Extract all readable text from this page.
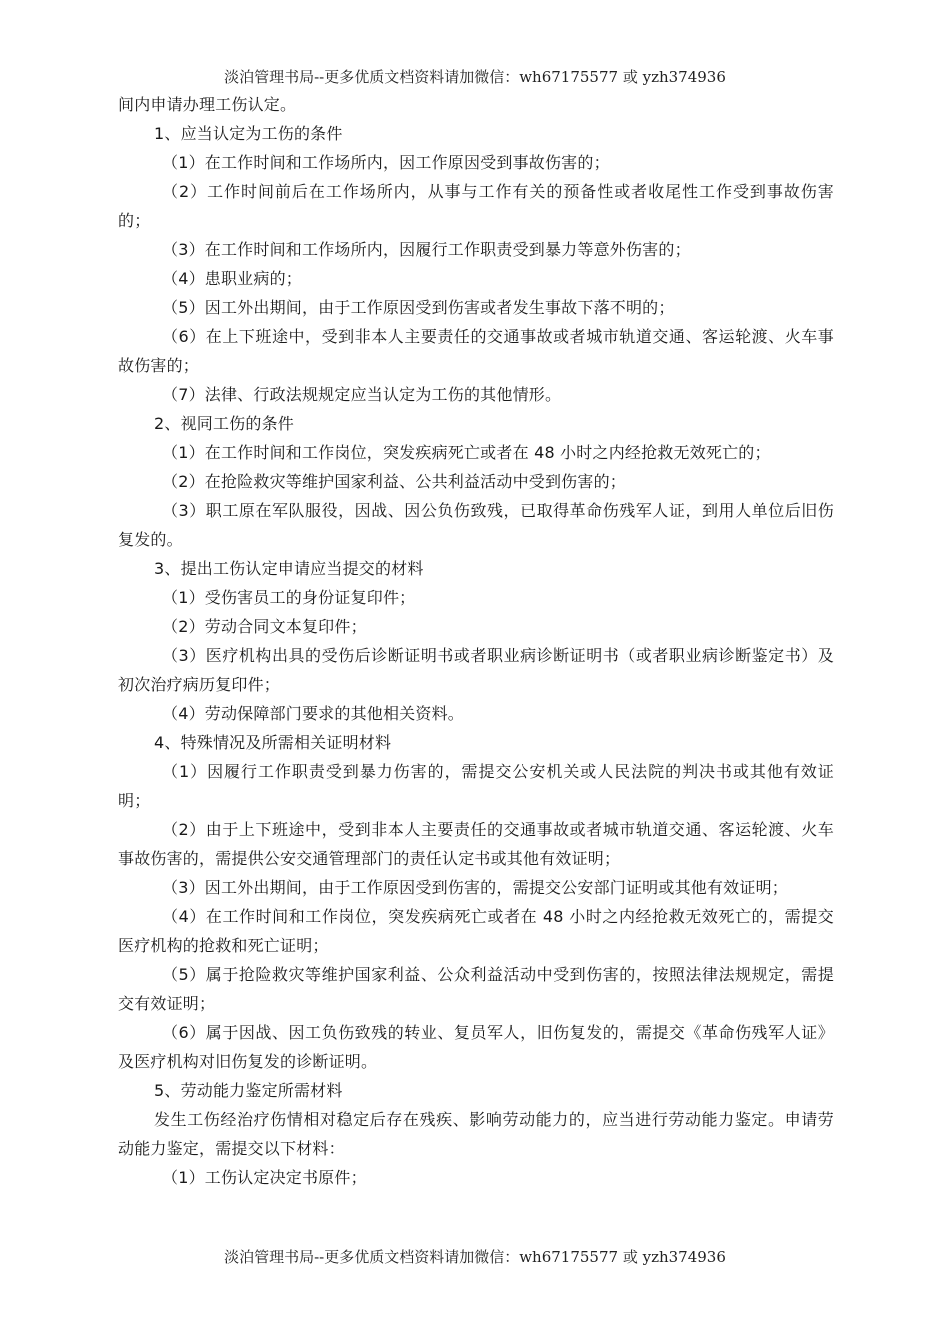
淡泊管理书局--更多优质文档资料请加微信：wh67175577 或 yzh374936

间内申请办理工伤认定。

1、应当认定为工伤的条件

（1）在工作时间和工作场所内，因工作原因受到事故伤害的；

（2）工作时间前后在工作场所内，从事与工作有关的预备性或者收尾性工作受到事故伤害的；

（3）在工作时间和工作场所内，因履行工作职责受到暴力等意外伤害的；

（4）患职业病的；

（5）因工外出期间，由于工作原因受到伤害或者发生事故下落不明的；

（6）在上下班途中，受到非本人主要责任的交通事故或者城市轨道交通、客运轮渡、火车事故伤害的；

（7）法律、行政法规规定应当认定为工伤的其他情形。

2、视同工伤的条件

（1）在工作时间和工作岗位，突发疾病死亡或者在 48 小时之内经抢救无效死亡的；

（2）在抢险救灾等维护国家利益、公共利益活动中受到伤害的；

（3）职工原在军队服役，因战、因公负伤致残，已取得革命伤残军人证，到用人单位后旧伤复发的。

3、提出工伤认定申请应当提交的材料

（1）受伤害员工的身份证复印件；

（2）劳动合同文本复印件；

（3）医疗机构出具的受伤后诊断证明书或者职业病诊断证明书（或者职业病诊断鉴定书）及初次治疗病历复印件；

（4）劳动保障部门要求的其他相关资料。

4、特殊情况及所需相关证明材料

（1）因履行工作职责受到暴力伤害的，需提交公安机关或人民法院的判决书或其他有效证明；

（2）由于上下班途中，受到非本人主要责任的交通事故或者城市轨道交通、客运轮渡、火车事故伤害的，需提供公安交通管理部门的责任认定书或其他有效证明；

（3）因工外出期间，由于工作原因受到伤害的，需提交公安部门证明或其他有效证明；

（4）在工作时间和工作岗位，突发疾病死亡或者在 48 小时之内经抢救无效死亡的，需提交医疗机构的抢救和死亡证明；

（5）属于抢险救灾等维护国家利益、公众利益活动中受到伤害的，按照法律法规规定，需提交有效证明；

（6）属于因战、因工负伤致残的转业、复员军人，旧伤复发的，需提交《革命伤残军人证》及医疗机构对旧伤复发的诊断证明。

5、劳动能力鉴定所需材料

发生工伤经治疗伤情相对稳定后存在残疾、影响劳动能力的，应当进行劳动能力鉴定。申请劳动能力鉴定，需提交以下材料：

（1）工伤认定决定书原件；

淡泊管理书局--更多优质文档资料请加微信：wh67175577 或 yzh374936
